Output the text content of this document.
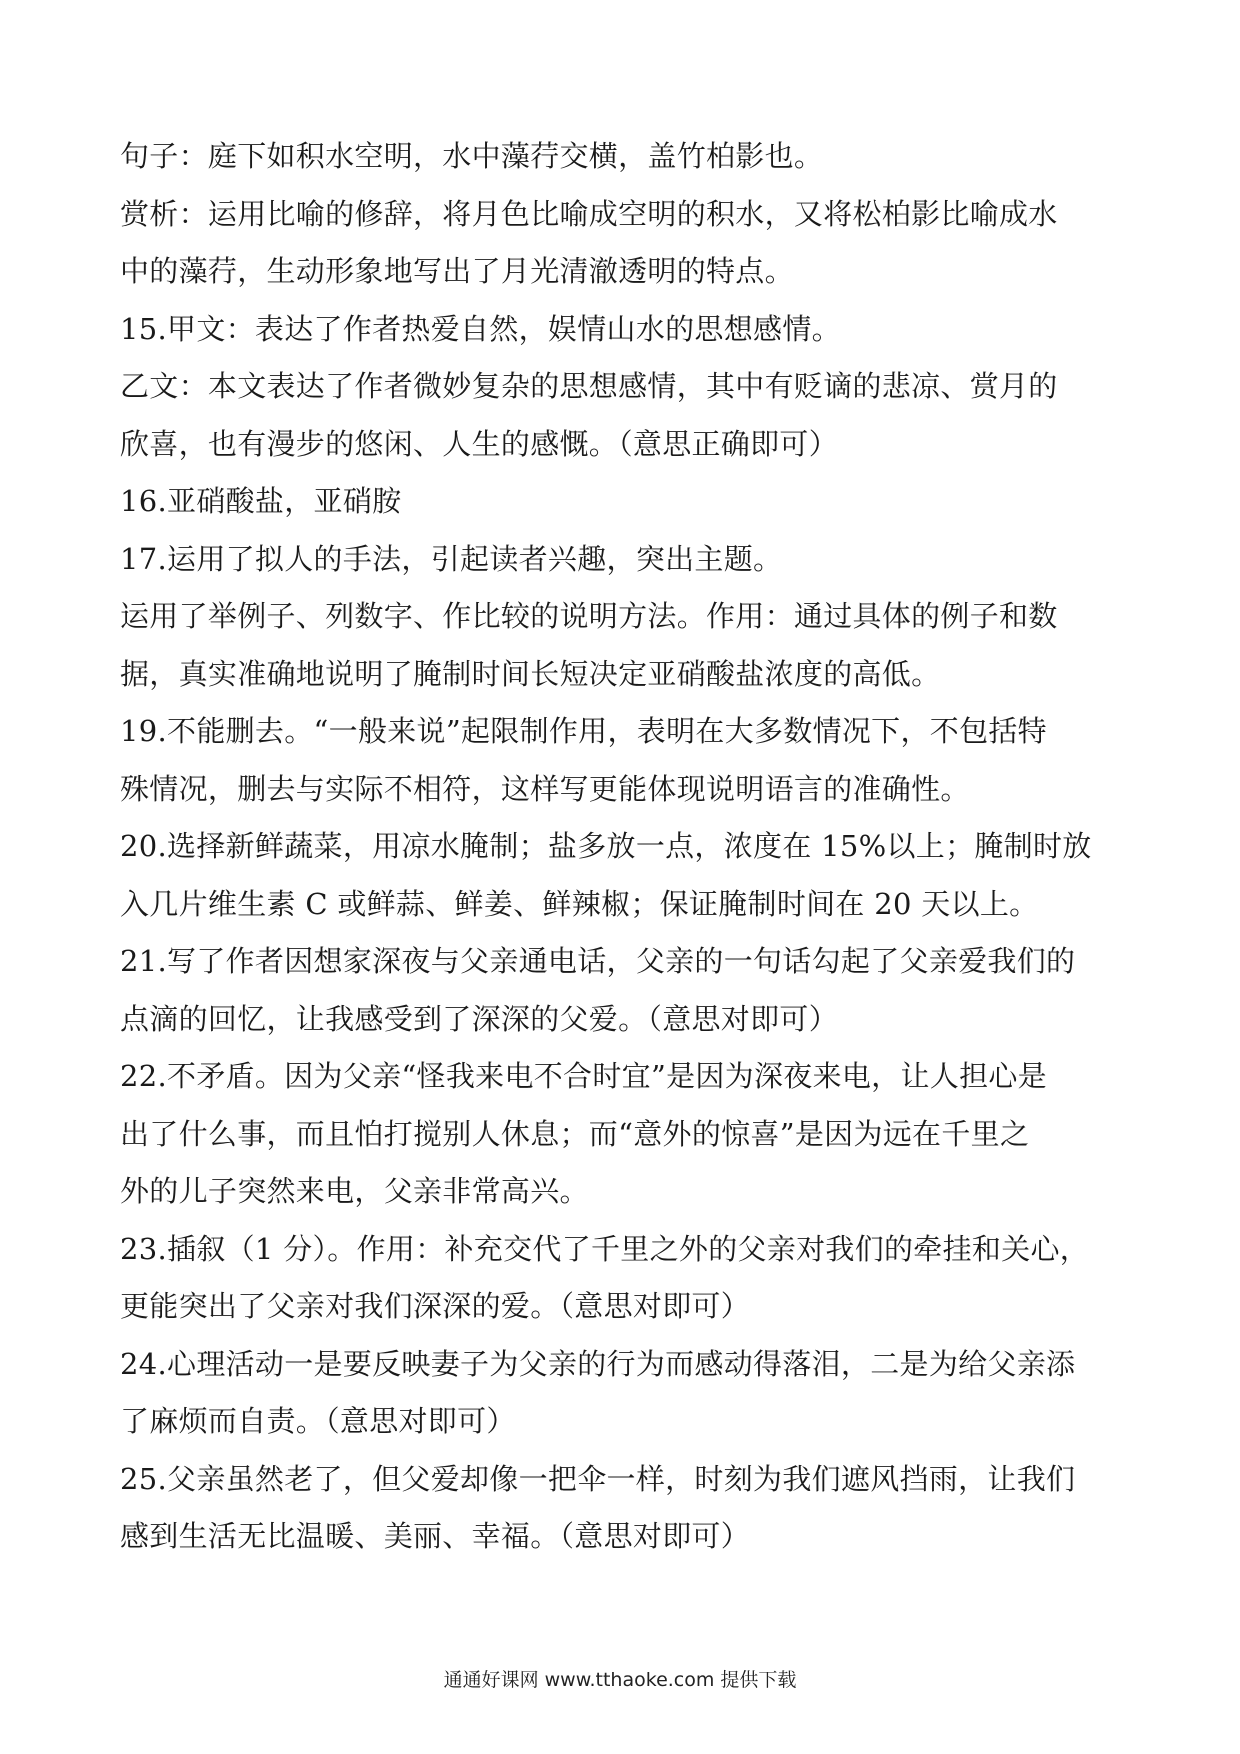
句子：庭下如积水空明，水中藻荇交横，盖竹柏影也。
赏析：运用比喻的修辞，将月色比喻成空明的积水，又将松柏影比喻成水
中的藻荇，生动形象地写出了月光清澈透明的特点。
15.甲文：表达了作者热爱自然，娱情山水的思想感情。
乙文：本文表达了作者微妙复杂的思想感情，其中有贬谪的悲凉、赏月的
欣喜，也有漫步的悠闲、人生的感慨。（意思正确即可）
16.亚硝酸盐，亚硝胺
17.运用了拟人的手法，引起读者兴趣，突出主题。
运用了举例子、列数字、作比较的说明方法。作用：通过具体的例子和数
据，真实准确地说明了腌制时间长短决定亚硝酸盐浓度的高低。
19.不能删去。“一般来说”起限制作用，表明在大多数情况下，不包括特
殊情况，删去与实际不相符，这样写更能体现说明语言的准确性。
20.选择新鲜蔬菜，用凉水腌制；盐多放一点，浓度在 15%以上；腌制时放
入几片维生素 C 或鲜蒜、鲜姜、鲜辣椒；保证腌制时间在 20 天以上。
21.写了作者因想家深夜与父亲通电话，父亲的一句话勾起了父亲爱我们的
点滴的回忆，让我感受到了深深的父爱。（意思对即可）
22.不矛盾。因为父亲“怪我来电不合时宜”是因为深夜来电，让人担心是
出了什么事，而且怕打搅别人休息；而“意外的惊喜”是因为远在千里之
外的儿子突然来电，父亲非常高兴。
23.插叙（1 分）。作用：补充交代了千里之外的父亲对我们的牵挂和关心，
更能突出了父亲对我们深深的爱。（意思对即可）
24.心理活动一是要反映妻子为父亲的行为而感动得落泪，二是为给父亲添
了麻烦而自责。（意思对即可）
25.父亲虽然老了，但父爱却像一把伞一样，时刻为我们遮风挡雨，让我们
感到生活无比温暖、美丽、幸福。（意思对即可）
通通好课网 www.tthaoke.com 提供下载
